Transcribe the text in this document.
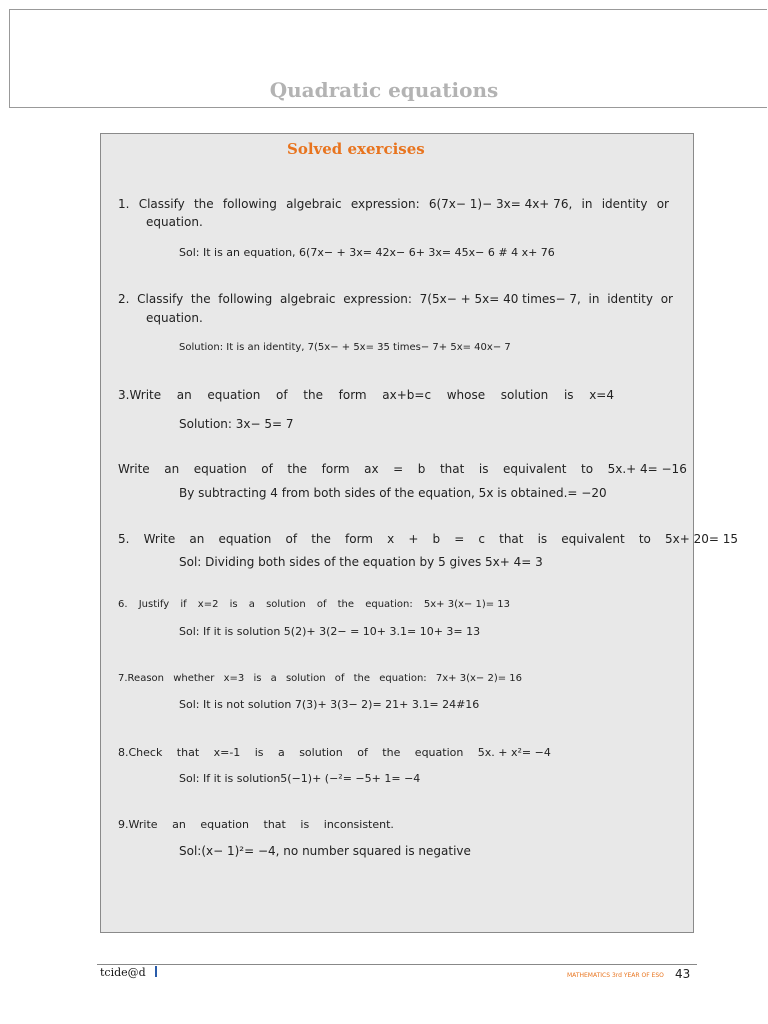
Quadratic equations
Solved exercises
1. Classify the following algebraic expression: 6(7x− 1)− 3x= 4x+ 76, in identity or
equation.
Sol: It is an equation, 6(7x− + 3x= 42x− 6+ 3x= 45x− 6 # 4 x+ 76
2. Classify the following algebraic expression: 7(5x− + 5x= 40 times− 7, in identity or
equation.
Solution: It is an identity, 7(5x− + 5x= 35 times− 7+ 5x= 40x− 7
3.Write an equation of the form ax+b=c whose solution is x=4
Solution: 3x− 5= 7
Write an equation of the form ax = b that is equivalent to 5x.+ 4= −16
By subtracting 4 from both sides of the equation, 5x is obtained.= −20
5. Write an equation of the form x + b = c that is equivalent to 5x+ 20= 15
Sol: Dividing both sides of the equation by 5 gives 5x+ 4= 3
6. Justify if x=2 is a solution of the equation: 5x+ 3(x− 1)= 13
Sol: If it is solution 5(2)+ 3(2− = 10+ 3.1= 10+ 3= 13
7.Reason whether x=3 is a solution of the equation: 7x+ 3(x− 2)= 16
Sol: It is not solution 7(3)+ 3(3− 2)= 21+ 3.1= 24#16
8.Check that x=-1 is a solution of the equation 5x. + x²= −4
Sol: If it is solution5(−1)+ (−²= −5+ 1= −4
9.Write an equation that is inconsistent.
Sol:(x− 1)²= −4, no number squared is negative
tcide@d	MATHEMATICS 3rd YEAR OF ESO 43
